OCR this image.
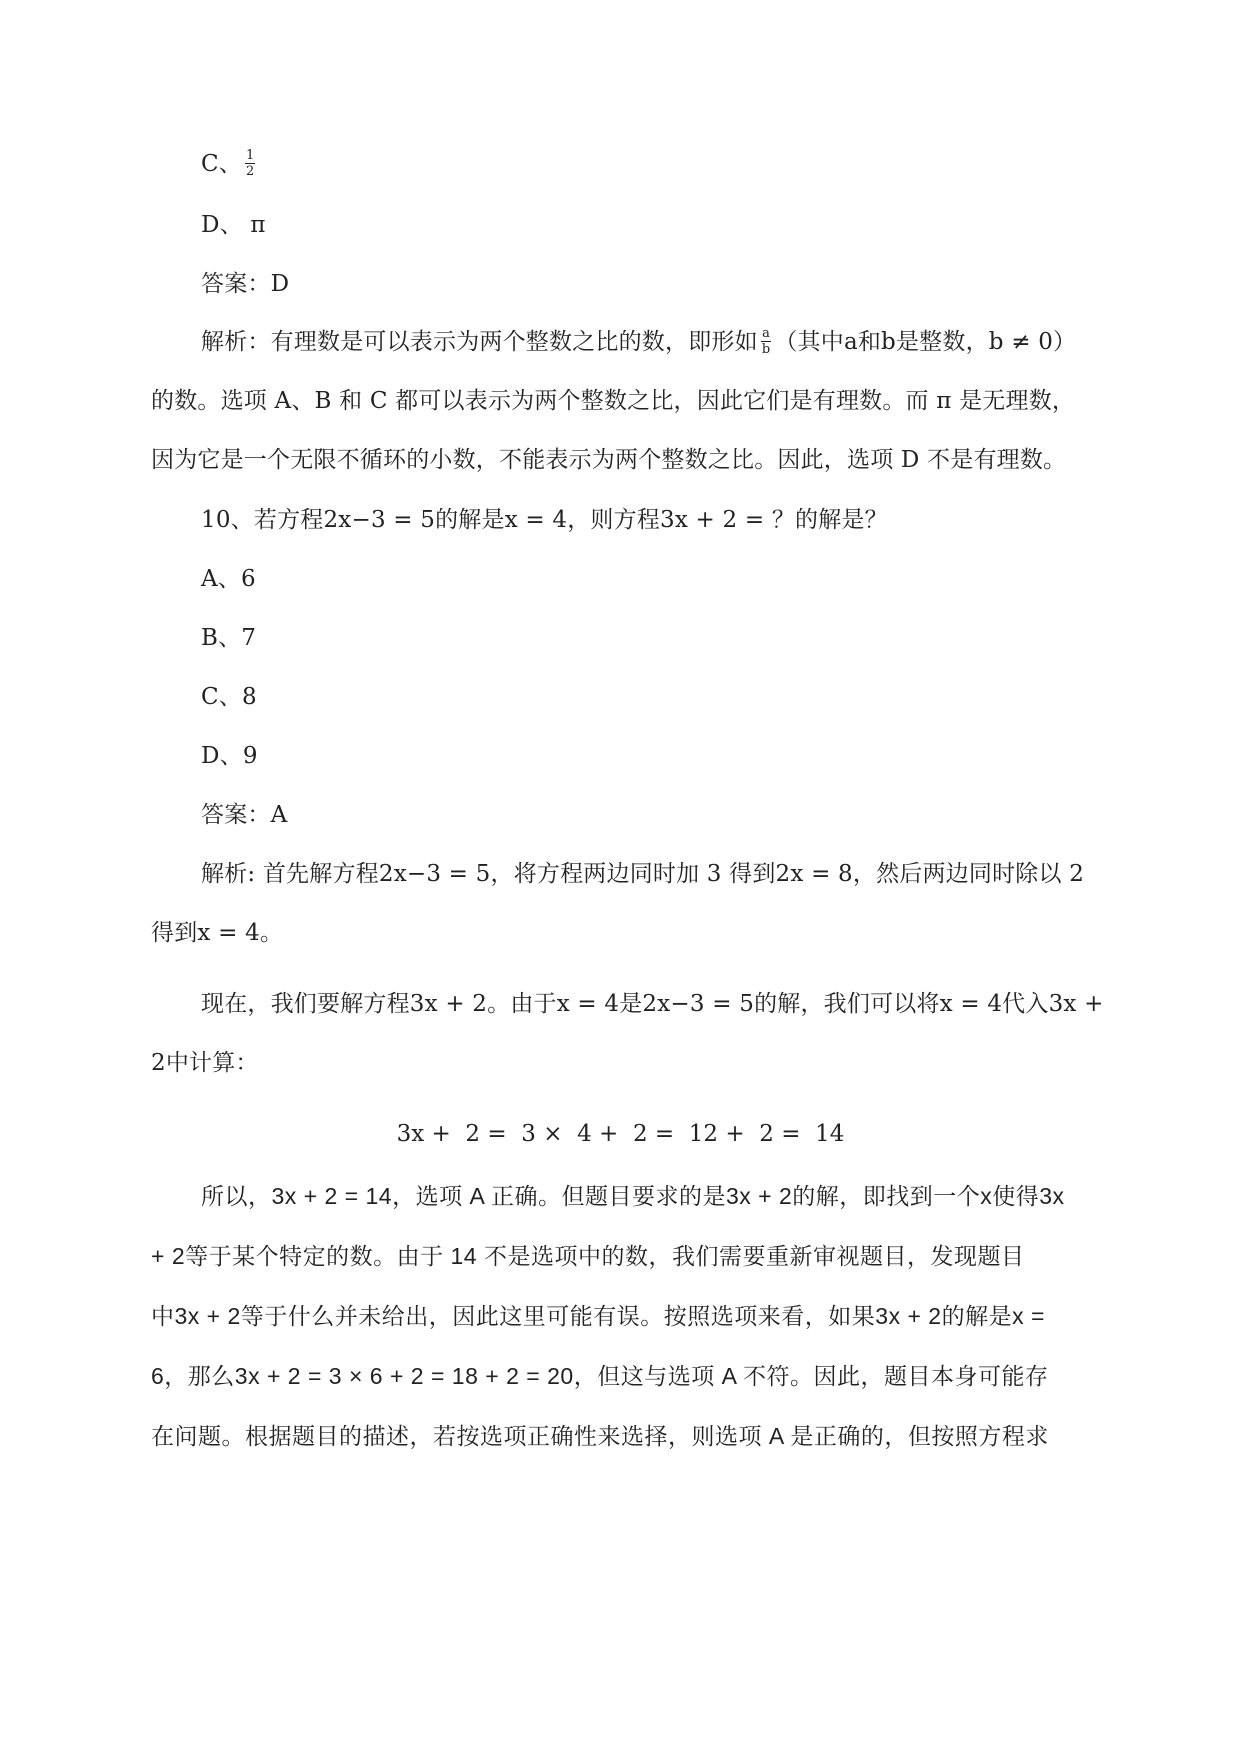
C、 $\frac{1}{2}$
D、 π
答案：D
解析：有理数是可以表示为两个整数之比的数，即形如 $\frac{a}{b}$ （其中a和b是整数，b ≠ 0）
的数。选项 A、B 和 C 都可以表示为两个整数之比，因此它们是有理数。而 π 是无理数，
因为它是一个无限不循环的小数，不能表示为两个整数之比。因此，选项 D 不是有理数。
10、若方程2x−3 = 5的解是x = 4，则方程3x + 2 = ？的解是？
A、6
B、7
C、8
D、9
答案：A
解析: 首先解方程2x−3 = 5，将方程两边同时加 3 得到2x = 8，然后两边同时除以 2
得到x = 4。
现在，我们要解方程3x + 2。由于x = 4是2x−3 = 5的解，我们可以将x = 4代入3x +
2中计算：
3x +  2 =  3 ×  4 +  2 =  12 +  2 =  14
所以，3x + 2 = 14，选项 A 正确。但题目要求的是3x + 2的解，即找到一个x使得3x
+ 2等于某个特定的数。由于 14 不是选项中的数，我们需要重新审视题目，发现题目
中3x + 2等于什么并未给出，因此这里可能有误。按照选项来看，如果3x + 2的解是x =
6，那么3x + 2 = 3 × 6 + 2 = 18 + 2 = 20，但这与选项 A 不符。因此，题目本身可能存
在问题。根据题目的描述，若按选项正确性来选择，则选项 A 是正确的，但按照方程求
